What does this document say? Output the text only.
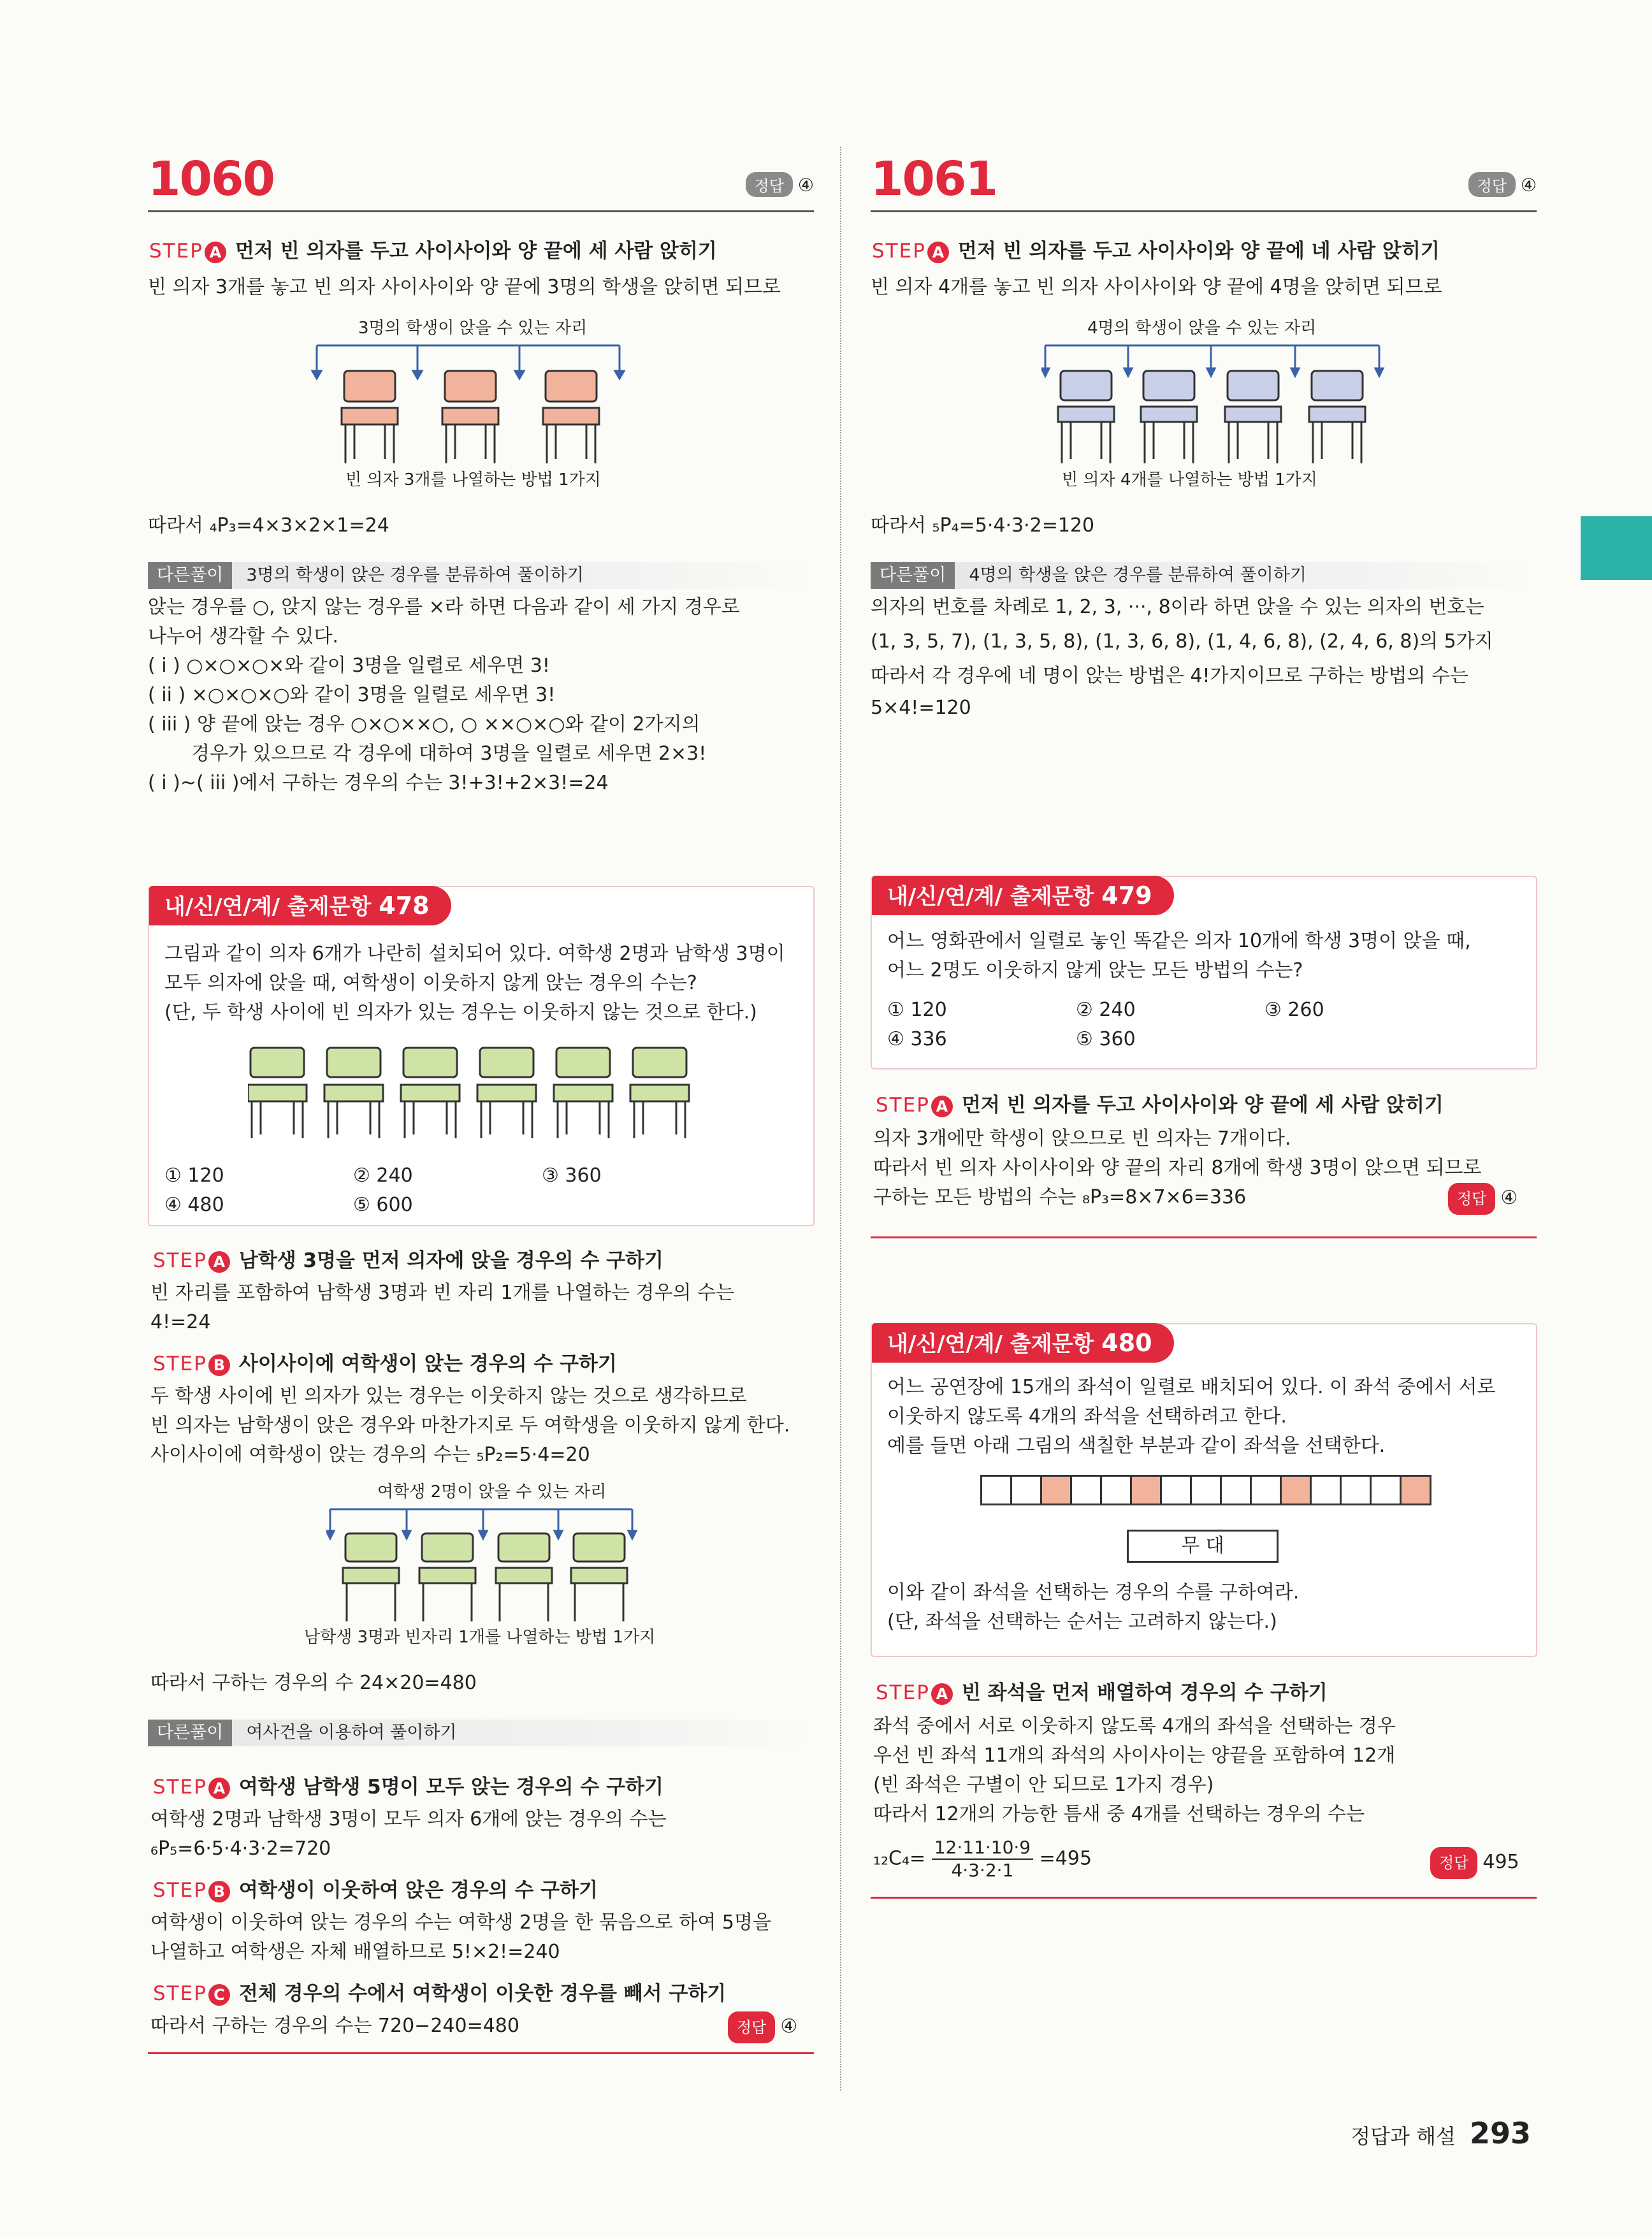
1060	정답 ④
STEP A 먼저 빈 의자를 두고 사이사이와 양 끝에 세 사람 앉히기
빈 의자 3개를 놓고 빈 의자 사이사이와 양 끝에 3명의 학생을 앉히면 되므로
3명의 학생이 앉을 수 있는 자리
빈 의자 3개를 나열하는 방법 1가지
따라서 ₄P₃=4×3×2×1=24
다른풀이 3명의 학생이 앉은 경우를 분류하여 풀이하기
앉는 경우를 ○, 앉지 않는 경우를 ×라 하면 다음과 같이 세 가지 경우로
나누어 생각할 수 있다.
( i ) ○×○×○×와 같이 3명을 일렬로 세우면 3!
( ii ) ×○×○×○와 같이 3명을 일렬로 세우면 3!
( iii ) 양 끝에 앉는 경우 ○×○××○, ○ ××○×○와 같이 2가지의
경우가 있으므로 각 경우에 대하여 3명을 일렬로 세우면 2×3!
( i )~( iii )에서 구하는 경우의 수는 3!+3!+2×3!=24
내/신/연/계/ 출제문항 478
그림과 같이 의자 6개가 나란히 설치되어 있다. 여학생 2명과 남학생 3명이
모두 의자에 앉을 때, 여학생이 이웃하지 않게 앉는 경우의 수는?
(단, 두 학생 사이에 빈 의자가 있는 경우는 이웃하지 않는 것으로 한다.)
① 120	② 240	③ 360
④ 480	⑤ 600
STEP A 남학생 3명을 먼저 의자에 앉을 경우의 수 구하기
빈 자리를 포함하여 남학생 3명과 빈 자리 1개를 나열하는 경우의 수는
4!=24
STEP B 사이사이에 여학생이 앉는 경우의 수 구하기
두 학생 사이에 빈 의자가 있는 경우는 이웃하지 않는 것으로 생각하므로
빈 의자는 남학생이 앉은 경우와 마찬가지로 두 여학생을 이웃하지 않게 한다.
사이사이에 여학생이 앉는 경우의 수는 ₅P₂=5·4=20
여학생 2명이 앉을 수 있는 자리
남학생 3명과 빈자리 1개를 나열하는 방법 1가지
따라서 구하는 경우의 수 24×20=480
다른풀이 여사건을 이용하여 풀이하기
STEP A 여학생 남학생 5명이 모두 앉는 경우의 수 구하기
여학생 2명과 남학생 3명이 모두 의자 6개에 앉는 경우의 수는
₆P₅=6·5·4·3·2=720
STEP B 여학생이 이웃하여 앉은 경우의 수 구하기
여학생이 이웃하여 앉는 경우의 수는 여학생 2명을 한 묶음으로 하여 5명을
나열하고 여학생은 자체 배열하므로 5!×2!=240
STEP C 전체 경우의 수에서 여학생이 이웃한 경우를 빼서 구하기
따라서 구하는 경우의 수는 720−240=480	정답 ④
1061	정답 ④
STEP A 먼저 빈 의자를 두고 사이사이와 양 끝에 네 사람 앉히기
빈 의자 4개를 놓고 빈 의자 사이사이와 양 끝에 4명을 앉히면 되므로
4명의 학생이 앉을 수 있는 자리
빈 의자 4개를 나열하는 방법 1가지
따라서 ₅P₄=5·4·3·2=120
다른풀이 4명의 학생을 앉은 경우를 분류하여 풀이하기
의자의 번호를 차례로 1, 2, 3, ···, 8이라 하면 앉을 수 있는 의자의 번호는
(1, 3, 5, 7), (1, 3, 5, 8), (1, 3, 6, 8), (1, 4, 6, 8), (2, 4, 6, 8)의 5가지
따라서 각 경우에 네 명이 앉는 방법은 4!가지이므로 구하는 방법의 수는
5×4!=120
내/신/연/계/ 출제문항 479
어느 영화관에서 일렬로 놓인 똑같은 의자 10개에 학생 3명이 앉을 때,
어느 2명도 이웃하지 않게 앉는 모든 방법의 수는?
① 120	② 240	③ 260
④ 336	⑤ 360
STEP A 먼저 빈 의자를 두고 사이사이와 양 끝에 세 사람 앉히기
의자 3개에만 학생이 앉으므로 빈 의자는 7개이다.
따라서 빈 의자 사이사이와 양 끝의 자리 8개에 학생 3명이 앉으면 되므로
구하는 모든 방법의 수는 ₈P₃=8×7×6=336	정답 ④
내/신/연/계/ 출제문항 480
어느 공연장에 15개의 좌석이 일렬로 배치되어 있다. 이 좌석 중에서 서로
이웃하지 않도록 4개의 좌석을 선택하려고 한다.
예를 들면 아래 그림의 색칠한 부분과 같이 좌석을 선택한다.
무 대
이와 같이 좌석을 선택하는 경우의 수를 구하여라.
(단, 좌석을 선택하는 순서는 고려하지 않는다.)
STEP A 빈 좌석을 먼저 배열하여 경우의 수 구하기
좌석 중에서 서로 이웃하지 않도록 4개의 좌석을 선택하는 경우
우선 빈 좌석 11개의 좌석의 사이사이는 양끝을 포함하여 12개
(빈 좌석은 구별이 안 되므로 1가지 경우)
따라서 12개의 가능한 틈새 중 4개를 선택하는 경우의 수는
$_{12}C_4= \frac{12\cdot 11\cdot 10\cdot 9}{4\cdot 3\cdot 2\cdot 1} =495$	정답 495
정답과 해설 293
